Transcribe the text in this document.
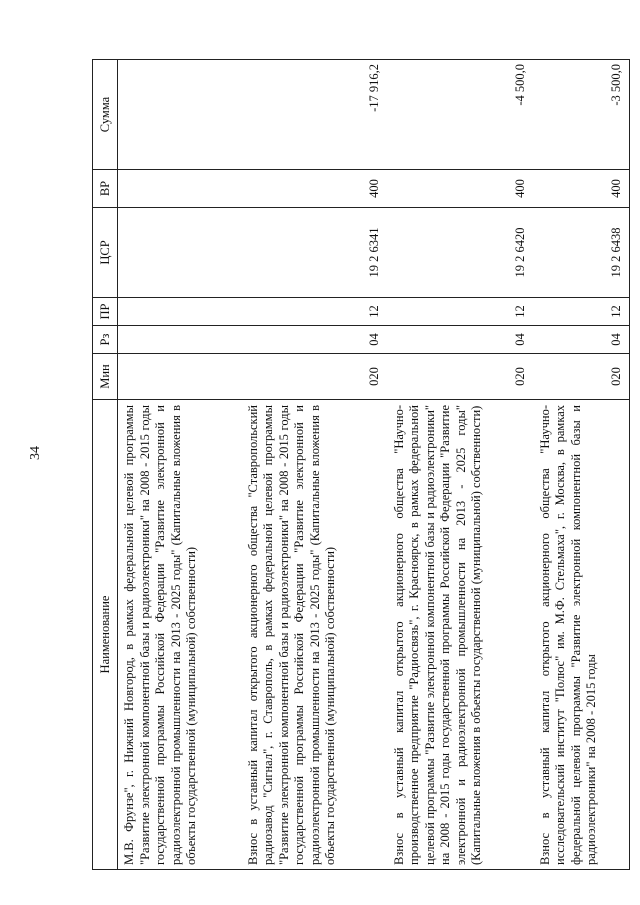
34
Наименование	Мин	Рз	ПР	ЦСР	ВР	Сумма
М.В. Фрунзе", г. Нижний Новгород, в рамках федеральной целевой программы "Развитие электронной компонентной базы и радиоэлектроники" на 2008 - 2015 годы государственной программы Российской Федерации "Развитие электронной и радиоэлектронной промышленности на 2013 - 2025 годы" (Капитальные вложения в объекты государственной (муниципальной) собственности)						
Взнос в уставный капитал открытого акционерного общества "Ставропольский радиозавод "Сигнал", г. Ставрополь, в рамках федеральной целевой программы "Развитие электронной компонентной базы и радиоэлектроники" на 2008 - 2015 годы государственной программы Российской Федерации "Развитие электронной и радиоэлектронной промышленности на 2013 - 2025 годы" (Капитальные вложения в объекты государственной (муниципальной) собственности)	020	04	12	19 2 6341	400	-17 916,2
Взнос в уставный капитал открытого акционерного общества "Научно-производственное предприятие "Радиосвязь", г. Красноярск, в рамках федеральной целевой программы "Развитие электронной компонентной базы и радиоэлектроники" на 2008 - 2015 годы государственной программы Российской Федерации "Развитие электронной и радиоэлектронной промышленности на 2013 - 2025 годы" (Капитальные вложения в объекты государственной (муниципальной) собственности)	020	04	12	19 2 6420	400	-4 500,0
Взнос в уставный капитал открытого акционерного общества "Научно-исследовательский институт "Полюс" им. М.Ф. Стельмаха", г. Москва, в рамках федеральной целевой программы "Развитие электронной компонентной базы и радиоэлектроники" на 2008 - 2015 годы	020	04	12	19 2 6438	400	-3 500,0
